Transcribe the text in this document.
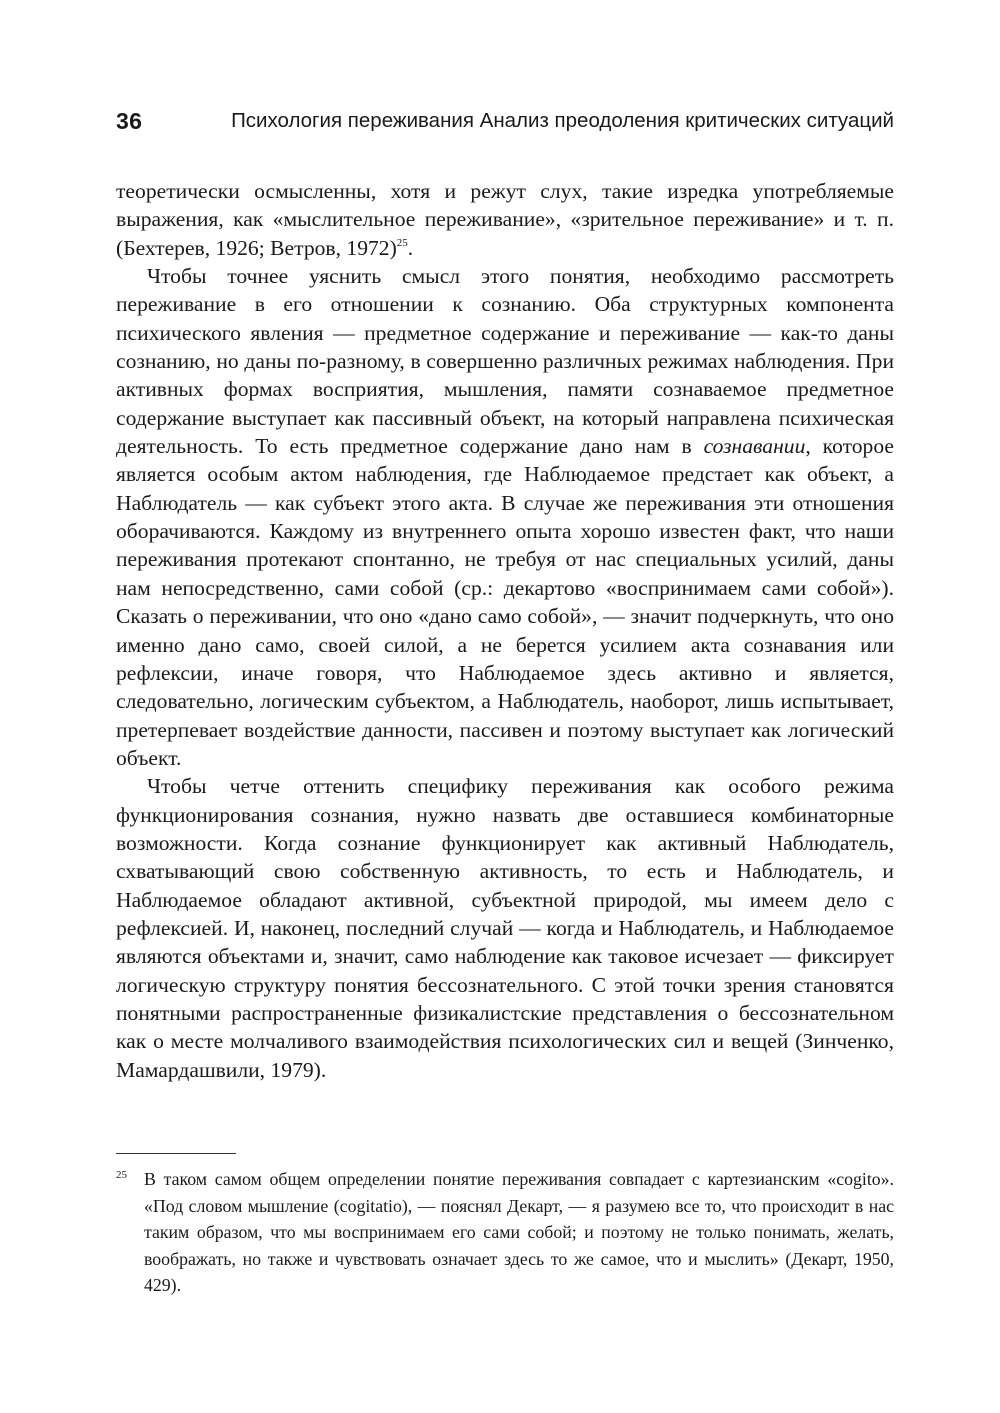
36	Психология переживания Анализ преодоления критических ситуаций

теоретически осмысленны, хотя и режут слух, такие изредка употребляемые выражения, как «мыслительное переживание», «зрительное переживание» и т. п. (Бехтерев, 1926; Ветров, 1972)$^{25}$.

Чтобы точнее уяснить смысл этого понятия, необходимо рассмотреть переживание в его отношении к сознанию. Оба структурных компонента психического явления — предметное содержание и переживание — как-то даны сознанию, но даны по-разному, в совершенно различных режимах наблюдения. При активных формах восприятия, мышления, памяти сознаваемое предметное содержание выступает как пассивный объект, на который направлена психическая деятельность. То есть предметное содержание дано нам в сознавании, которое является особым актом наблюдения, где Наблюдаемое предстает как объект, а Наблюдатель — как субъект этого акта. В случае же переживания эти отношения оборачиваются. Каждому из внутреннего опыта хорошо известен факт, что наши переживания протекают спонтанно, не требуя от нас специальных усилий, даны нам непосредственно, сами собой (ср.: декартово «воспринимаем сами собой»). Сказать о переживании, что оно «дано само собой», — значит подчеркнуть, что оно именно дано само, своей силой, а не берется усилием акта сознавания или рефлексии, иначе говоря, что Наблюдаемое здесь активно и является, следовательно, логическим субъектом, а Наблюдатель, наоборот, лишь испытывает, претерпевает воздействие данности, пассивен и поэтому выступает как логический объект.

Чтобы четче оттенить специфику переживания как особого режима функционирования сознания, нужно назвать две оставшиеся комбинаторные возможности. Когда сознание функционирует как активный Наблюдатель, схватывающий свою собственную активность, то есть и Наблюдатель, и Наблюдаемое обладают активной, субъектной природой, мы имеем дело с рефлексией. И, наконец, последний случай — когда и Наблюдатель, и Наблюдаемое являются объектами и, значит, само наблюдение как таковое исчезает — фиксирует логическую структуру понятия бессознательного. С этой точки зрения становятся понятными распространенные физикалистские представления о бессознательном как о месте молчаливого взаимодействия психологических сил и вещей (Зинченко, Мамардашвили, 1979).

25 В таком самом общем определении понятие переживания совпадает с картезианским «cogito». «Под словом мышление (cogitatio), — пояснял Декарт, — я разумею все то, что происходит в нас таким образом, что мы воспринимаем его сами собой; и поэтому не только понимать, желать, воображать, но также и чувствовать означает здесь то же самое, что и мыслить» (Декарт, 1950, 429).
